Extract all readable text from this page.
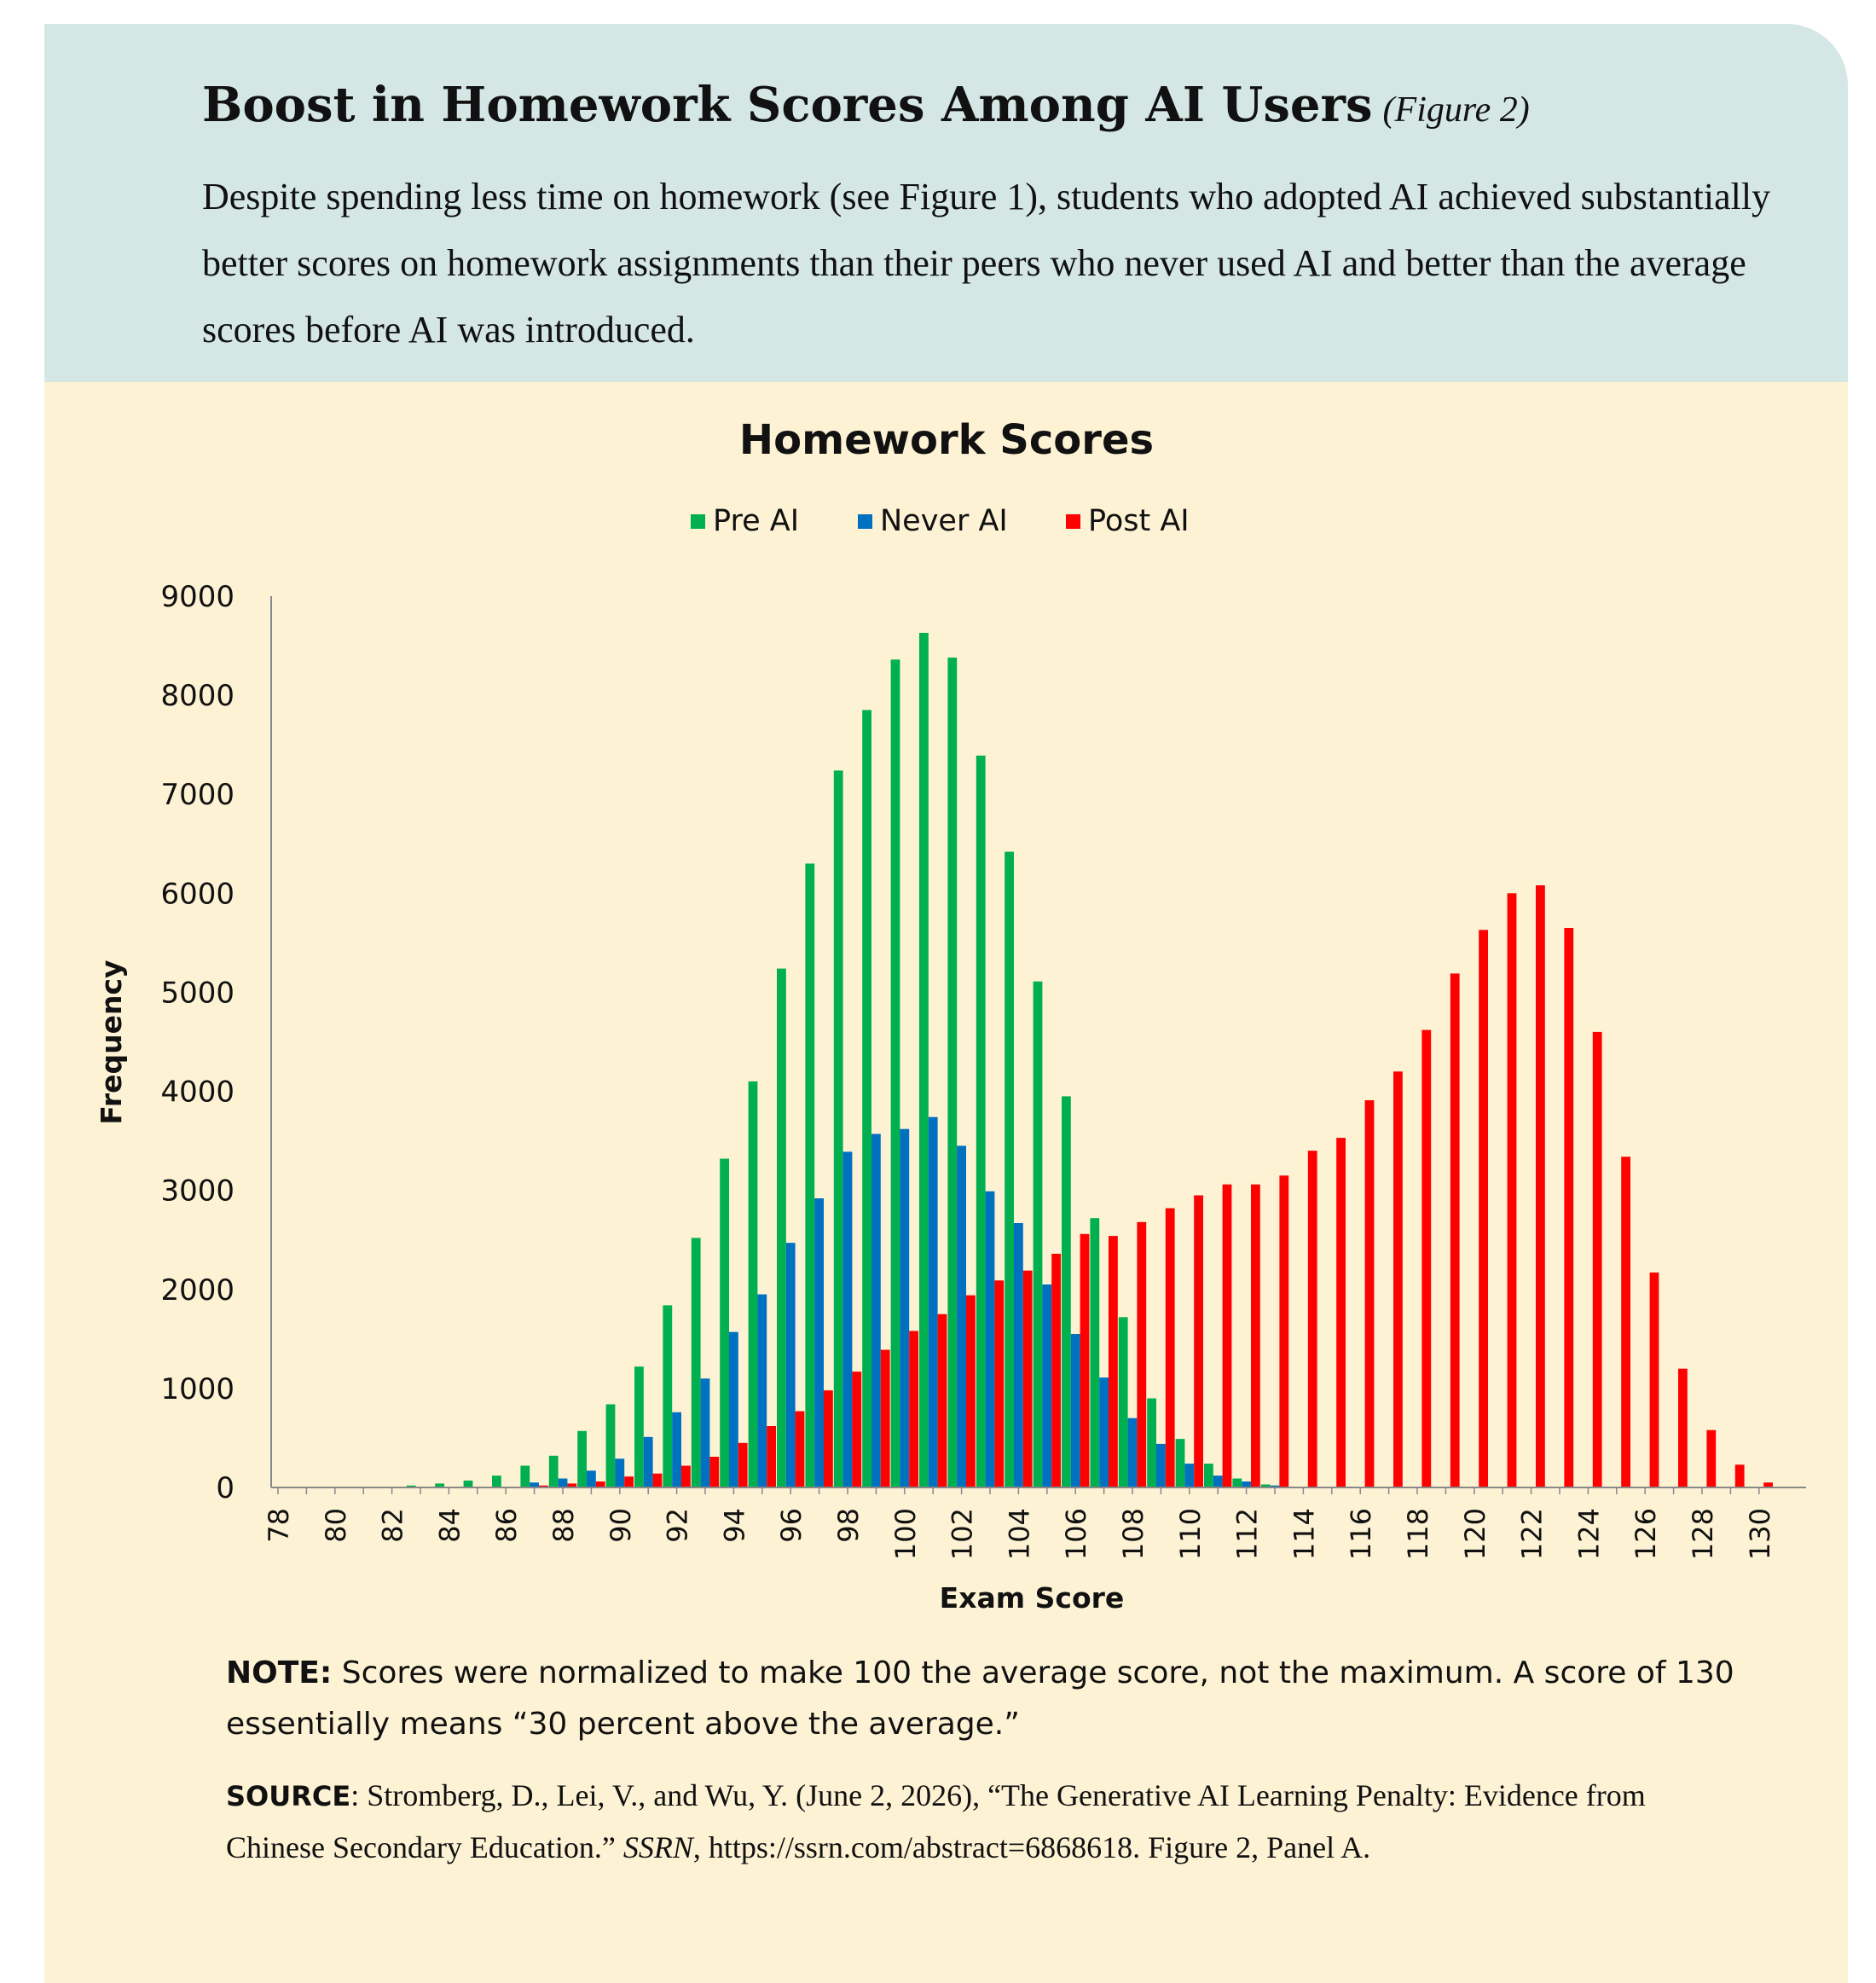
Boost in Homework Scores Among AI Users (Figure 2)
Despite spending less time on homework (see Figure 1), students who adopted AI achieved substantially better scores on homework assignments than their peers who never used AI and better than the average scores before AI was introduced.
Homework Scores
Pre AI	Never AI	Post AI
0
1000
2000
3000
4000
5000
6000
7000
8000
9000
Frequency
78 80 82 84 86 88 90 92 94 96 98 100 102 104 106 108 110 112 114 116 118 120 122 124 126 128 130
Exam Score
NOTE: Scores were normalized to make 100 the average score, not the maximum. A score of 130 essentially means “30 percent above the average.”
SOURCE: Stromberg, D., Lei, V., and Wu, Y. (June 2, 2026), “The Generative AI Learning Penalty: Evidence from Chinese Secondary Education.” SSRN, https://ssrn.com/abstract=6868618. Figure 2, Panel A.
